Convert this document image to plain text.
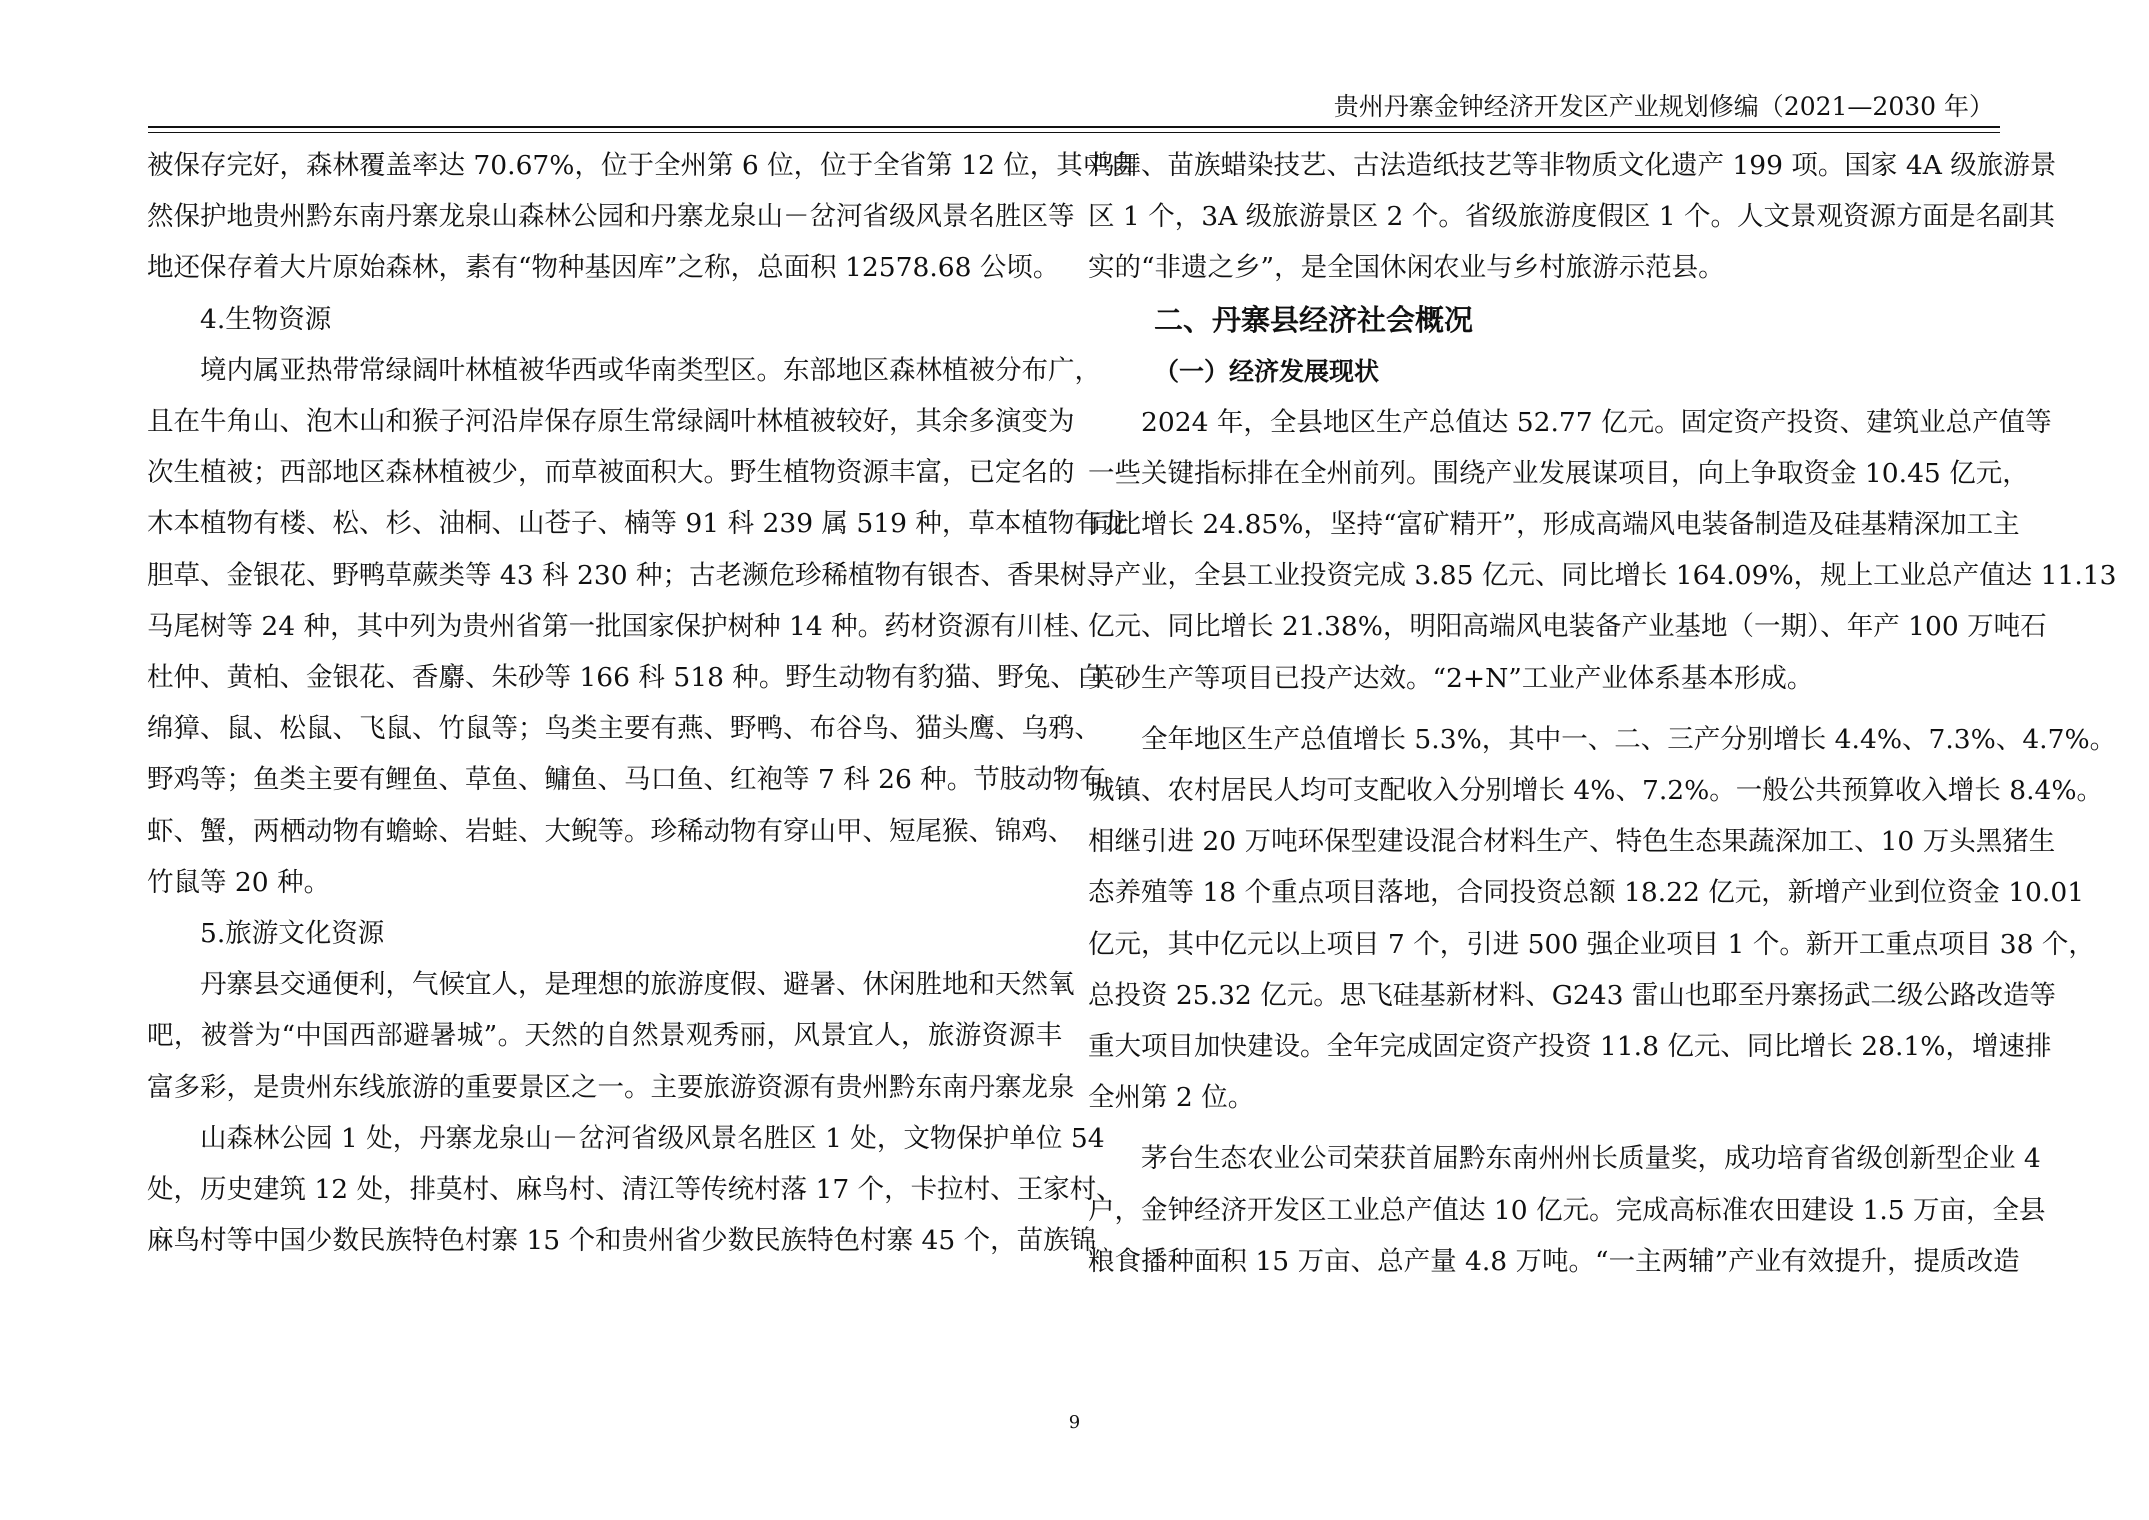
贵州丹寨金钟经济开发区产业规划修编（2021—2030 年）
被保存完好，森林覆盖率达 70.67%，位于全州第 6 位，位于全省第 12 位，其中自
然保护地贵州黔东南丹寨龙泉山森林公园和丹寨龙泉山－岔河省级风景名胜区等
地还保存着大片原始森林，素有“物种基因库”之称，总面积 12578.68 公顷。
4.生物资源
境内属亚热带常绿阔叶林植被华西或华南类型区。东部地区森林植被分布广，
且在牛角山、泡木山和猴子河沿岸保存原生常绿阔叶林植被较好，其余多演变为
次生植被；西部地区森林植被少，而草被面积大。野生植物资源丰富，已定名的
木本植物有楼、松、杉、油桐、山苍子、楠等 91 科 239 属 519 种，草本植物有龙
胆草、金银花、野鸭草蕨类等 43 科 230 种；古老濒危珍稀植物有银杏、香果树、
马尾树等 24 种，其中列为贵州省第一批国家保护树种 14 种。药材资源有川桂、
杜仲、黄柏、金银花、香麝、朱砂等 166 科 518 种。野生动物有豹猫、野兔、白
绵獐、鼠、松鼠、飞鼠、竹鼠等；鸟类主要有燕、野鸭、布谷鸟、猫头鹰、乌鸦、
野鸡等；鱼类主要有鲤鱼、草鱼、鳙鱼、马口鱼、红袍等 7 科 26 种。节肢动物有
虾、蟹，两栖动物有蟾蜍、岩蛙、大鲵等。珍稀动物有穿山甲、短尾猴、锦鸡、
竹鼠等 20 种。
5.旅游文化资源
丹寨县交通便利，气候宜人，是理想的旅游度假、避暑、休闲胜地和天然氧
吧，被誉为“中国西部避暑城”。天然的自然景观秀丽，风景宜人，旅游资源丰
富多彩，是贵州东线旅游的重要景区之一。主要旅游资源有贵州黔东南丹寨龙泉
山森林公园 1 处，丹寨龙泉山－岔河省级风景名胜区 1 处，文物保护单位 54
处，历史建筑 12 处，排莫村、麻鸟村、清江等传统村落 17 个，卡拉村、王家村、
麻鸟村等中国少数民族特色村寨 15 个和贵州省少数民族特色村寨 45 个，苗族锦
鸡舞、苗族蜡染技艺、古法造纸技艺等非物质文化遗产 199 项。国家 4A 级旅游景
区 1 个，3A 级旅游景区 2 个。省级旅游度假区 1 个。人文景观资源方面是名副其
实的“非遗之乡”，是全国休闲农业与乡村旅游示范县。
二、丹寨县经济社会概况
（一）经济发展现状
2024 年，全县地区生产总值达 52.77 亿元。固定资产投资、建筑业总产值等
一些关键指标排在全州前列。围绕产业发展谋项目，向上争取资金 10.45 亿元，
同比增长 24.85%，坚持“富矿精开”，形成高端风电装备制造及硅基精深加工主
导产业，全县工业投资完成 3.85 亿元、同比增长 164.09%，规上工业总产值达 11.13
亿元、同比增长 21.38%，明阳高端风电装备产业基地（一期）、年产 100 万吨石
英砂生产等项目已投产达效。“2+N”工业产业体系基本形成。
全年地区生产总值增长 5.3%，其中一、二、三产分别增长 4.4%、7.3%、4.7%。
城镇、农村居民人均可支配收入分别增长 4%、7.2%。一般公共预算收入增长 8.4%。
相继引进 20 万吨环保型建设混合材料生产、特色生态果蔬深加工、10 万头黑猪生
态养殖等 18 个重点项目落地，合同投资总额 18.22 亿元，新增产业到位资金 10.01
亿元，其中亿元以上项目 7 个，引进 500 强企业项目 1 个。新开工重点项目 38 个，
总投资 25.32 亿元。思飞硅基新材料、G243 雷山也耶至丹寨扬武二级公路改造等
重大项目加快建设。全年完成固定资产投资 11.8 亿元、同比增长 28.1%，增速排
全州第 2 位。
茅台生态农业公司荣获首届黔东南州州长质量奖，成功培育省级创新型企业 4
户，金钟经济开发区工业总产值达 10 亿元。完成高标准农田建设 1.5 万亩，全县
粮食播种面积 15 万亩、总产量 4.8 万吨。“一主两辅”产业有效提升，提质改造
9
